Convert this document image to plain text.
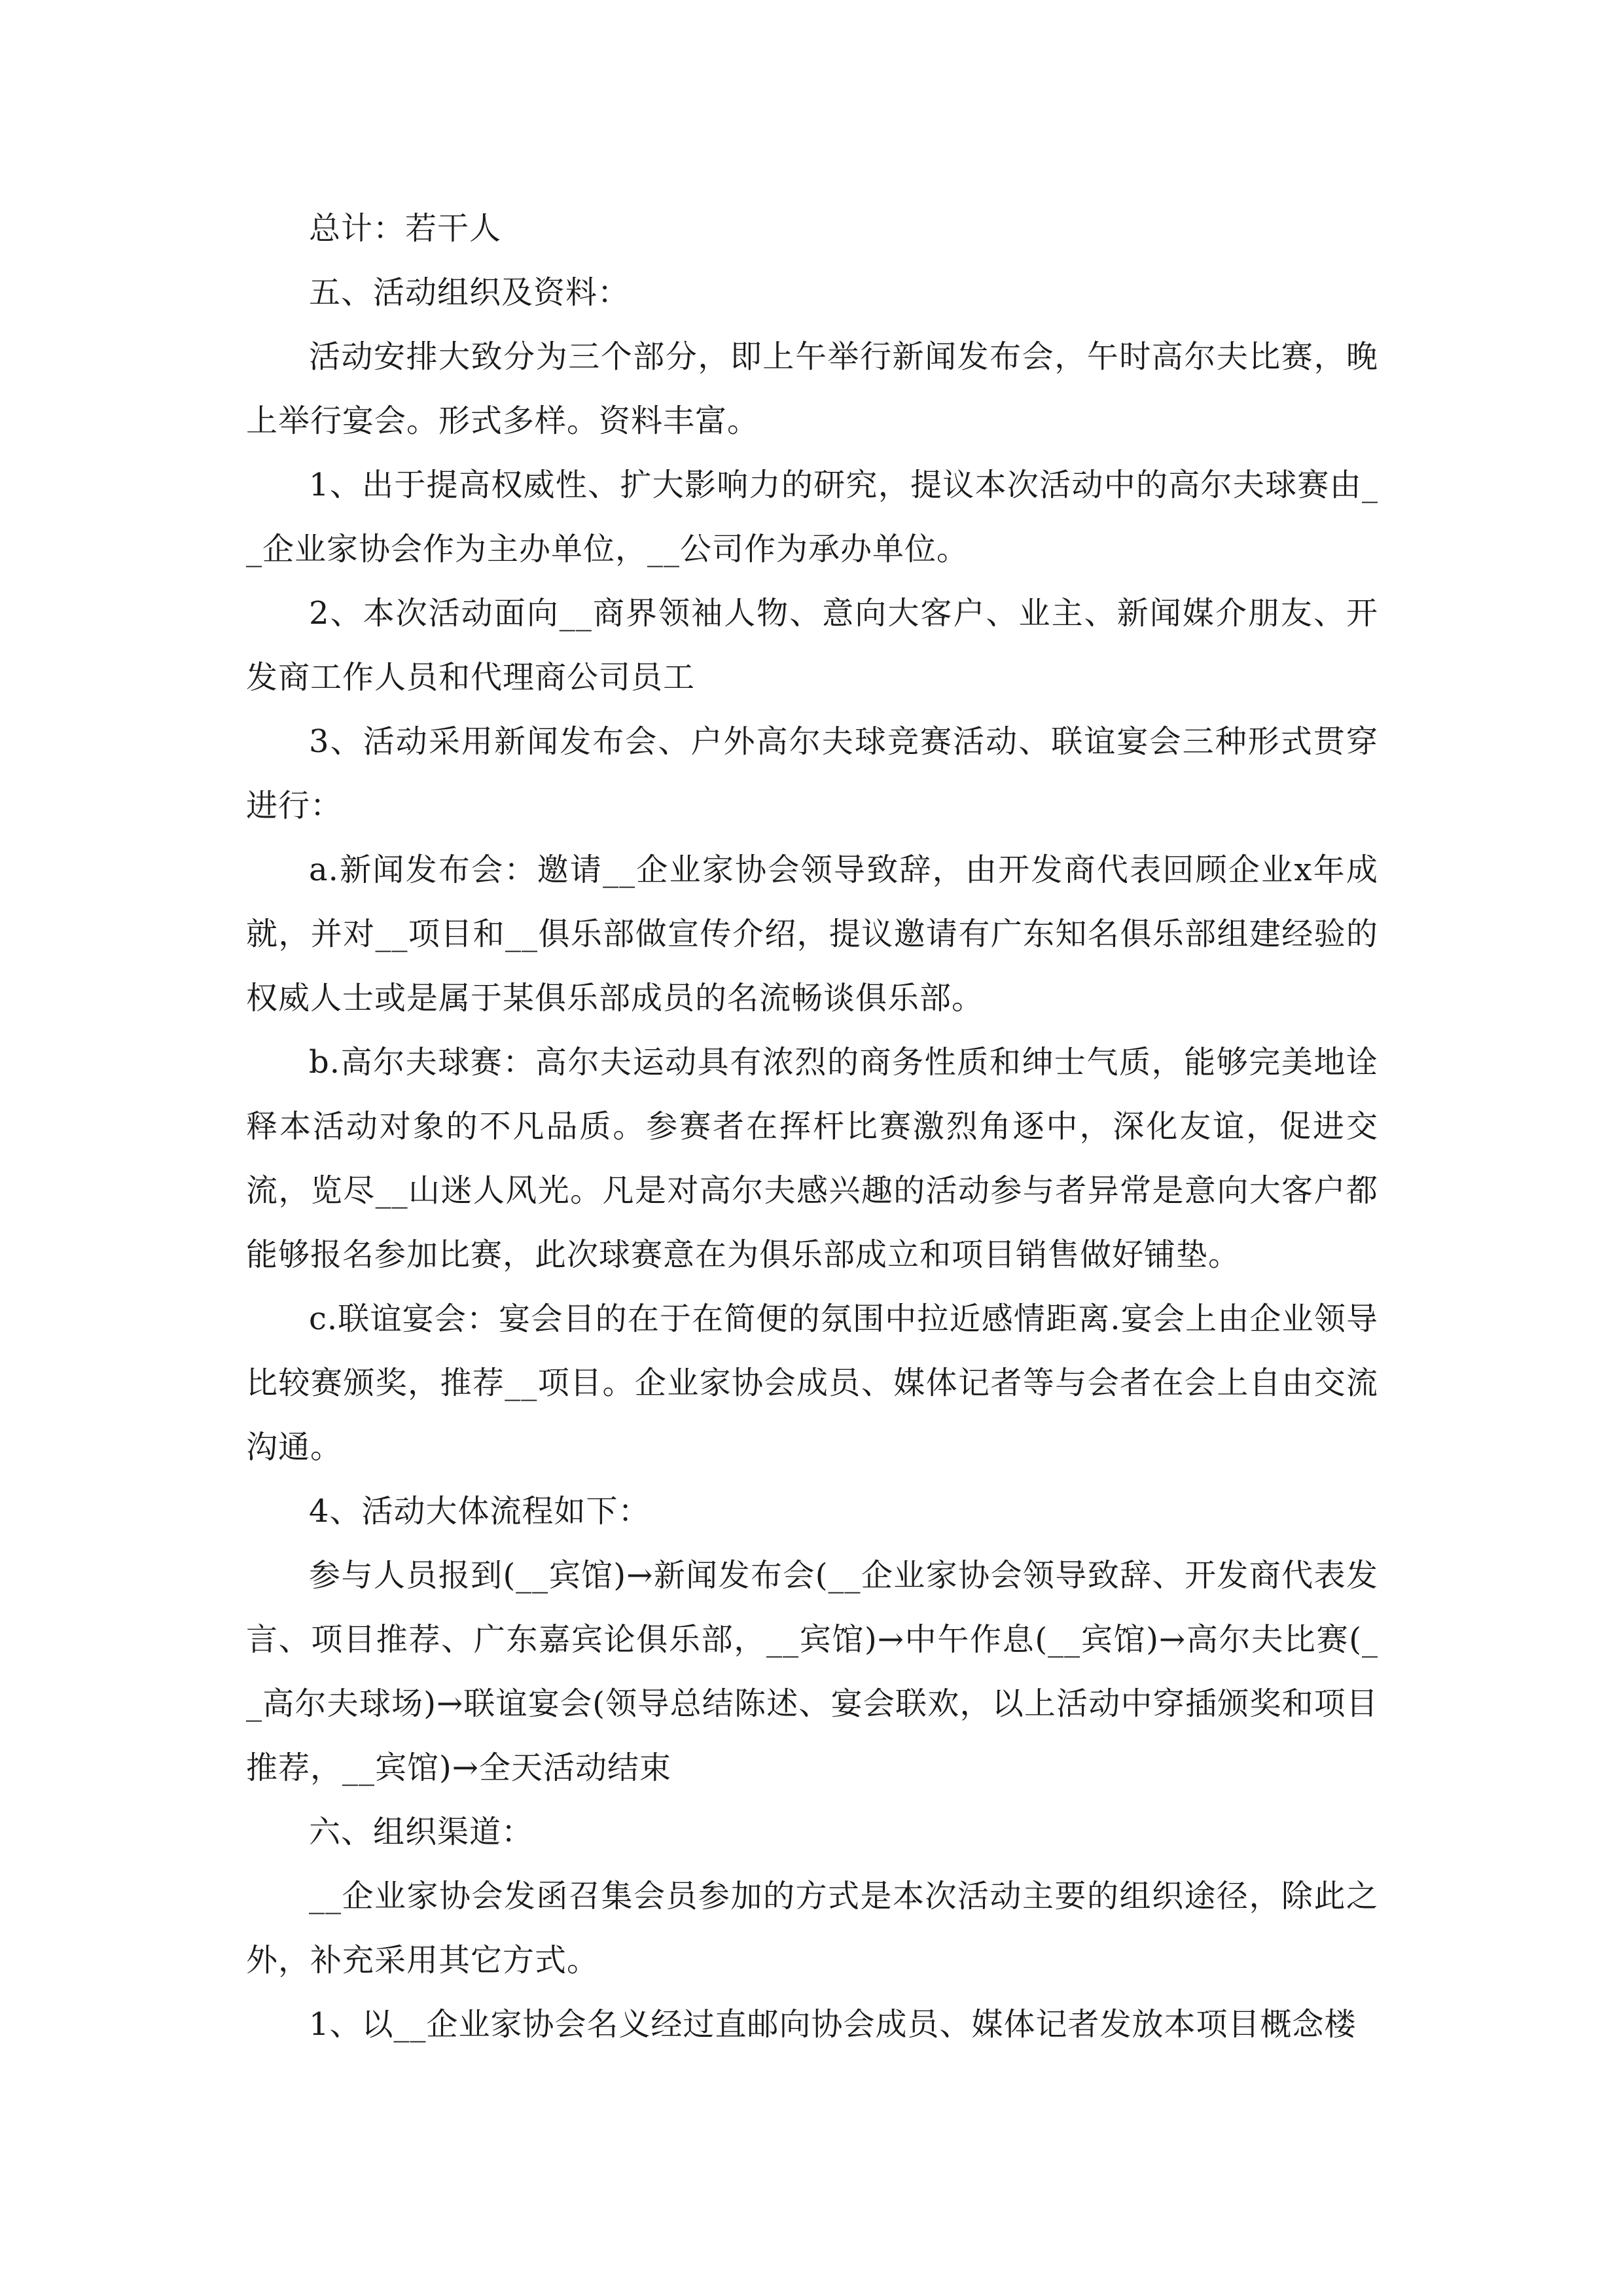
总计：若干人

五、活动组织及资料：

活动安排大致分为三个部分，即上午举行新闻发布会，午时高尔夫比赛，晚上举行宴会。形式多样。资料丰富。

1、出于提高权威性、扩大影响力的研究，提议本次活动中的高尔夫球赛由__企业家协会作为主办单位，__公司作为承办单位。

2、本次活动面向__商界领袖人物、意向大客户、业主、新闻媒介朋友、开发商工作人员和代理商公司员工

3、活动采用新闻发布会、户外高尔夫球竞赛活动、联谊宴会三种形式贯穿进行：

a.新闻发布会：邀请__企业家协会领导致辞，由开发商代表回顾企业x年成就，并对__项目和__俱乐部做宣传介绍，提议邀请有广东知名俱乐部组建经验的权威人士或是属于某俱乐部成员的名流畅谈俱乐部。

b.高尔夫球赛：高尔夫运动具有浓烈的商务性质和绅士气质，能够完美地诠释本活动对象的不凡品质。参赛者在挥杆比赛激烈角逐中，深化友谊，促进交流，览尽__山迷人风光。凡是对高尔夫感兴趣的活动参与者异常是意向大客户都能够报名参加比赛，此次球赛意在为俱乐部成立和项目销售做好铺垫。

c.联谊宴会：宴会目的在于在简便的氛围中拉近感情距离.宴会上由企业领导比较赛颁奖，推荐__项目。企业家协会成员、媒体记者等与会者在会上自由交流沟通。

4、活动大体流程如下：

参与人员报到(__宾馆)→新闻发布会(__企业家协会领导致辞、开发商代表发言、项目推荐、广东嘉宾论俱乐部，__宾馆)→中午作息(__宾馆)→高尔夫比赛(__高尔夫球场)→联谊宴会(领导总结陈述、宴会联欢，以上活动中穿插颁奖和项目推荐，__宾馆)→全天活动结束

六、组织渠道：

__企业家协会发函召集会员参加的方式是本次活动主要的组织途径，除此之外，补充采用其它方式。

1、以__企业家协会名义经过直邮向协会成员、媒体记者发放本项目概念楼
